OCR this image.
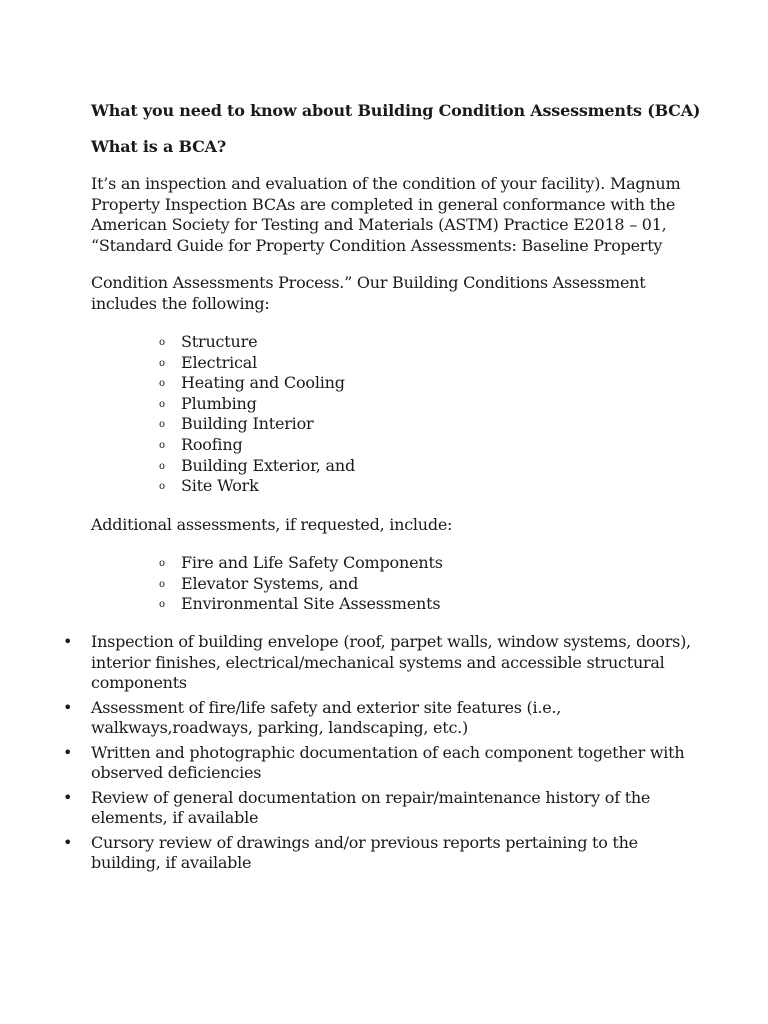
What you need to know about Building Condition Assessments (BCA)
What is a BCA?
It’s an inspection and evaluation of the condition of your facility). Magnum
Property Inspection BCAs are completed in general conformance with the
American Society for Testing and Materials (ASTM) Practice E2018 – 01,
“Standard Guide for Property Condition Assessments: Baseline Property
Condition Assessments Process.” Our Building Conditions Assessment
includes the following:
o Structure
o Electrical
o Heating and Cooling
o Plumbing
o Building Interior
o Roofing
o Building Exterior, and
o Site Work
Additional assessments, if requested, include:
o Fire and Life Safety Components
o Elevator Systems, and
o Environmental Site Assessments
• Inspection of building envelope (roof, parpet walls, window systems, doors),
interior finishes, electrical/mechanical systems and accessible structural
components
• Assessment of fire/life safety and exterior site features (i.e.,
walkways,roadways, parking, landscaping, etc.)
• Written and photographic documentation of each component together with
observed deficiencies
• Review of general documentation on repair/maintenance history of the
elements, if available
• Cursory review of drawings and/or previous reports pertaining to the
building, if available
